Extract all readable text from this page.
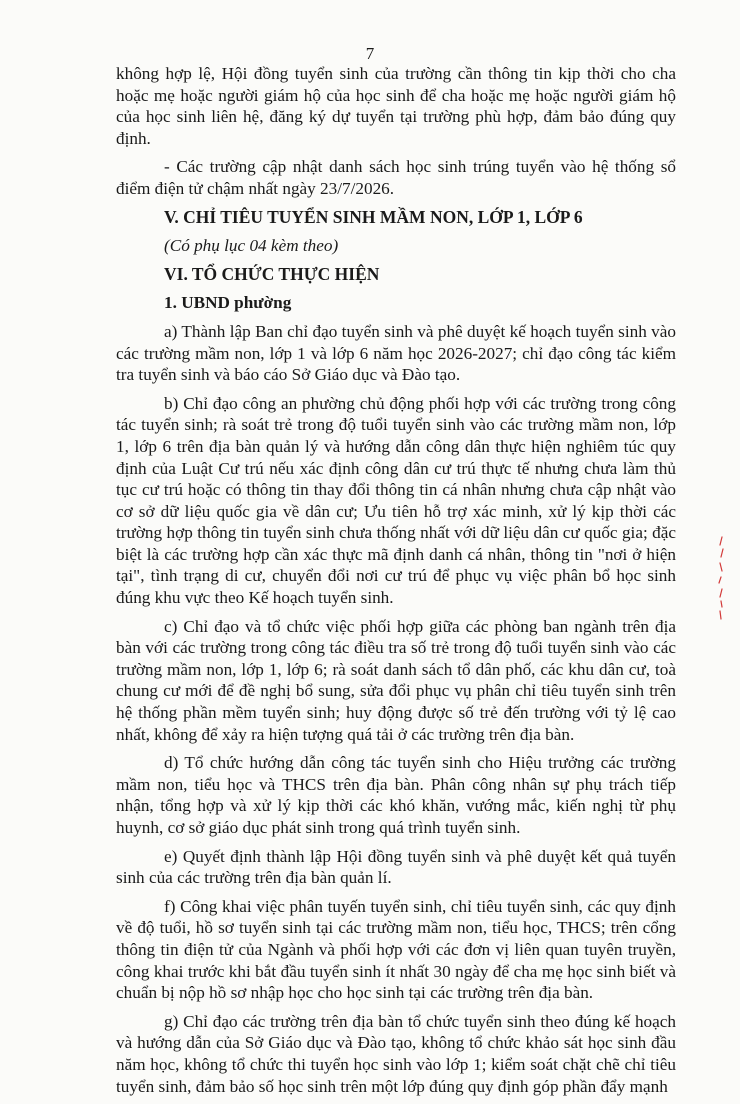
7

không hợp lệ, Hội đồng tuyển sinh của trường cần thông tin kịp thời cho cha hoặc mẹ hoặc người giám hộ của học sinh để cha hoặc mẹ hoặc người giám hộ của học sinh liên hệ, đăng ký dự tuyển tại trường phù hợp, đảm bảo đúng quy định.

- Các trường cập nhật danh sách học sinh trúng tuyển vào hệ thống sổ điểm điện tử chậm nhất ngày 23/7/2026.

V. CHỈ TIÊU TUYỂN SINH MẦM NON, LỚP 1, LỚP 6

(Có phụ lục 04 kèm theo)

VI. TỔ CHỨC THỰC HIỆN

1. UBND phường

a) Thành lập Ban chỉ đạo tuyển sinh và phê duyệt kế hoạch tuyển sinh vào các trường mầm non, lớp 1 và lớp 6 năm học 2026-2027; chỉ đạo công tác kiểm tra tuyển sinh và báo cáo Sở Giáo dục và Đào tạo.

b) Chỉ đạo công an phường chủ động phối hợp với các trường trong công tác tuyển sinh; rà soát trẻ trong độ tuổi tuyển sinh vào các trường mầm non, lớp 1, lớp 6 trên địa bàn quản lý và hướng dẫn công dân thực hiện nghiêm túc quy định của Luật Cư trú nếu xác định công dân cư trú thực tế nhưng chưa làm thủ tục cư trú hoặc có thông tin thay đổi thông tin cá nhân nhưng chưa cập nhật vào cơ sở dữ liệu quốc gia về dân cư; Ưu tiên hỗ trợ xác minh, xử lý kịp thời các trường hợp thông tin tuyển sinh chưa thống nhất với dữ liệu dân cư quốc gia; đặc biệt là các trường hợp cần xác thực mã định danh cá nhân, thông tin "nơi ở hiện tại", tình trạng di cư, chuyển đổi nơi cư trú để phục vụ việc phân bổ học sinh đúng khu vực theo Kế hoạch tuyển sinh.

c) Chỉ đạo và tổ chức việc phối hợp giữa các phòng ban ngành trên địa bàn với các trường trong công tác điều tra số trẻ trong độ tuổi tuyển sinh vào các trường mầm non, lớp 1, lớp 6; rà soát danh sách tổ dân phố, các khu dân cư, toà chung cư mới để đề nghị bổ sung, sửa đổi phục vụ phân chỉ tiêu tuyển sinh trên hệ thống phần mềm tuyển sinh; huy động được số trẻ đến trường với tỷ lệ cao nhất, không để xảy ra hiện tượng quá tải ở các trường trên địa bàn.

d) Tổ chức hướng dẫn công tác tuyển sinh cho Hiệu trưởng các trường mầm non, tiểu học và THCS trên địa bàn. Phân công nhân sự phụ trách tiếp nhận, tổng hợp và xử lý kịp thời các khó khăn, vướng mắc, kiến nghị từ phụ huynh, cơ sở giáo dục phát sinh trong quá trình tuyển sinh.

e) Quyết định thành lập Hội đồng tuyển sinh và phê duyệt kết quả tuyển sinh của các trường trên địa bàn quản lí.

f) Công khai việc phân tuyến tuyển sinh, chỉ tiêu tuyển sinh, các quy định về độ tuổi, hồ sơ tuyển sinh tại các trường mầm non, tiểu học, THCS; trên cổng thông tin điện tử của Ngành và phối hợp với các đơn vị liên quan tuyên truyền, công khai trước khi bắt đầu tuyển sinh ít nhất 30 ngày để cha mẹ học sinh biết và chuẩn bị nộp hồ sơ nhập học cho học sinh tại các trường trên địa bàn.

g) Chỉ đạo các trường trên địa bàn tổ chức tuyển sinh theo đúng kế hoạch và hướng dẫn của Sở Giáo dục và Đào tạo, không tổ chức khảo sát học sinh đầu năm học, không tổ chức thi tuyển học sinh vào lớp 1; kiểm soát chặt chẽ chỉ tiêu tuyển sinh, đảm bảo số học sinh trên một lớp đúng quy định góp phần đẩy mạnh
